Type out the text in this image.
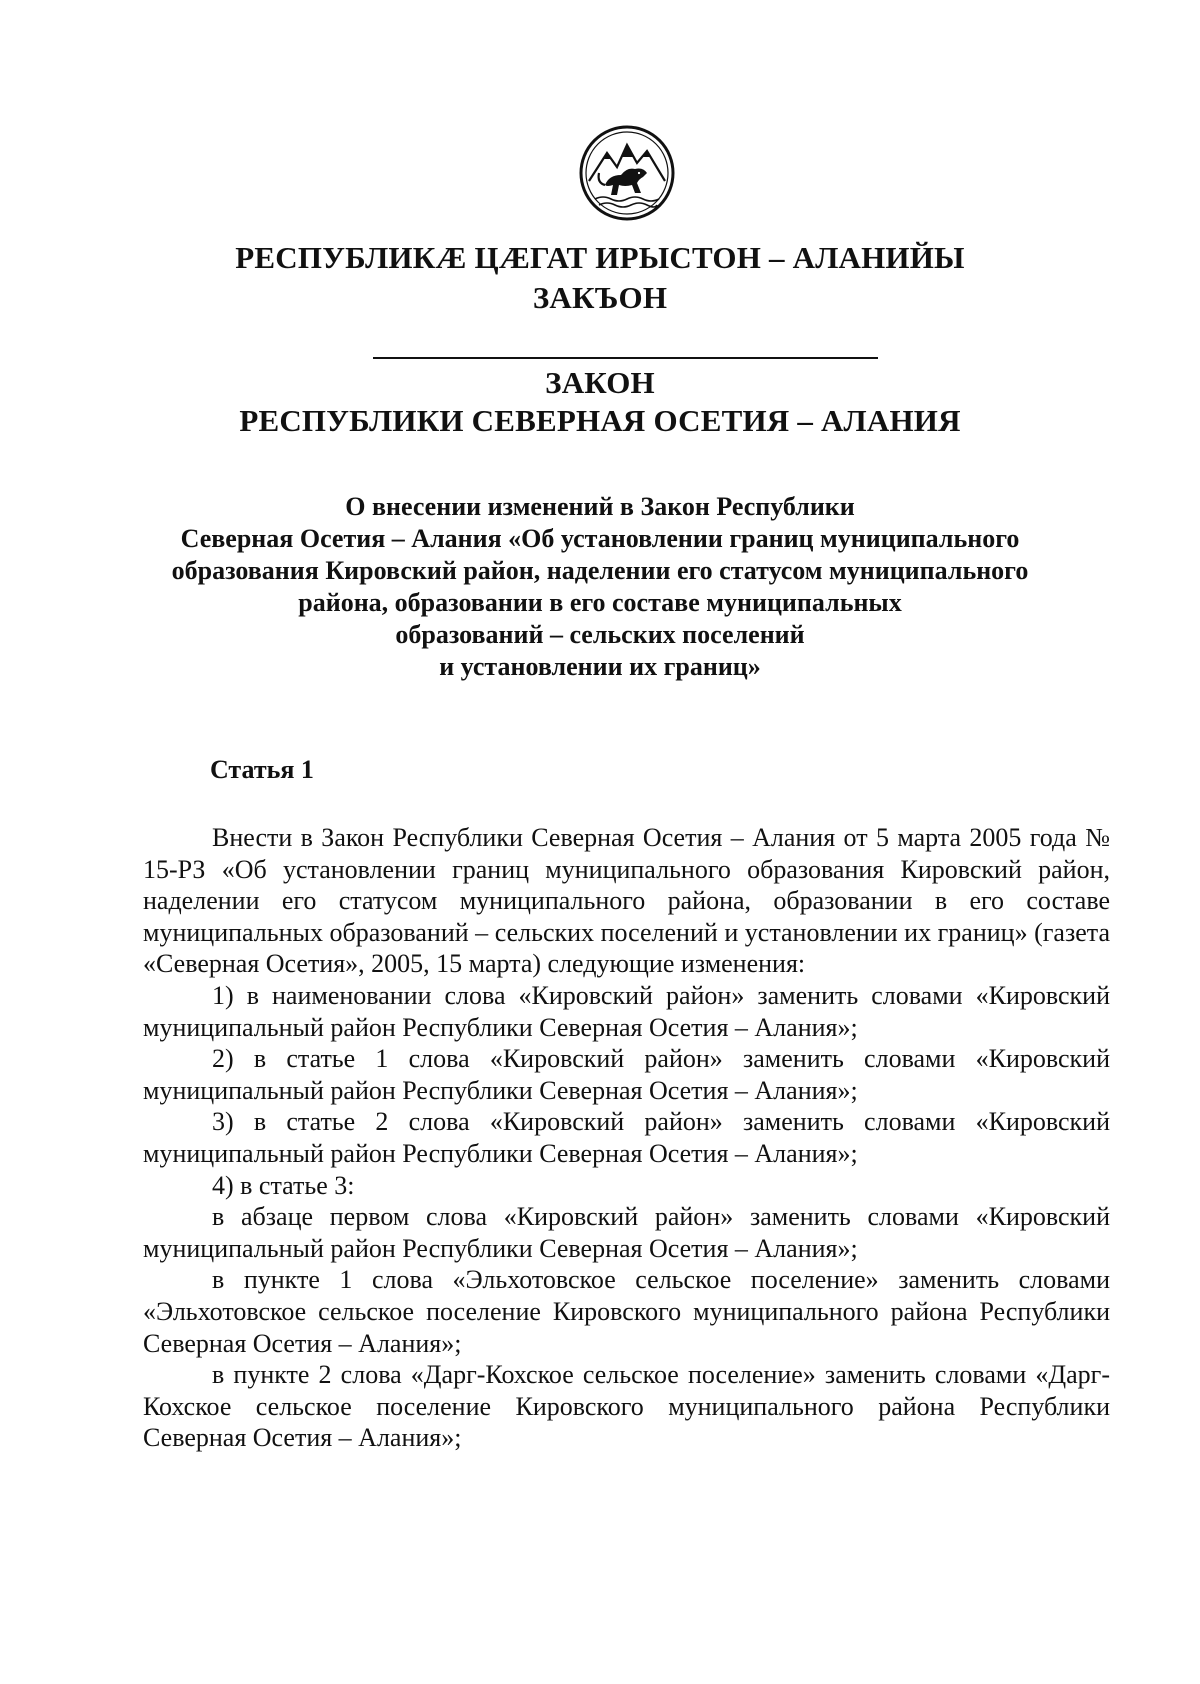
РЕСПУБЛИКÆ ЦÆГАТ ИРЫСТОН – АЛАНИЙЫ
ЗАКЪОН
ЗАКОН
РЕСПУБЛИКИ СЕВЕРНАЯ ОСЕТИЯ – АЛАНИЯ
О внесении изменений в Закон Республики
Северная Осетия – Алания «Об установлении границ муниципального
образования Кировский район, наделении его статусом муниципального
района, образовании в его составе муниципальных
образований – сельских поселений
и установлении их границ»
Статья 1

Внести в Закон Республики Северная Осетия – Алания от 5 марта 2005 года № 15-РЗ «Об установлении границ муниципального образования Кировский район, наделении его статусом муниципального района, образовании в его составе муниципальных образований – сельских поселений и установлении их границ» (газета «Северная Осетия», 2005, 15 марта) следующие изменения:

1) в наименовании слова «Кировский район» заменить словами «Кировский муниципальный район Республики Северная Осетия – Алания»;

2) в статье 1 слова «Кировский район» заменить словами «Кировский муниципальный район Республики Северная Осетия – Алания»;

3) в статье 2 слова «Кировский район» заменить словами «Кировский муниципальный район Республики Северная Осетия – Алания»;

4) в статье 3:

в абзаце первом слова «Кировский район» заменить словами «Кировский муниципальный район Республики Северная Осетия – Алания»;

в пункте 1 слова «Эльхотовское сельское поселение» заменить словами «Эльхотовское сельское поселение Кировского муниципального района Республики Северная Осетия – Алания»;

в пункте 2 слова «Дарг-Кохское сельское поселение» заменить словами «Дарг-Кохское сельское поселение Кировского муниципального района Республики Северная Осетия – Алания»;
